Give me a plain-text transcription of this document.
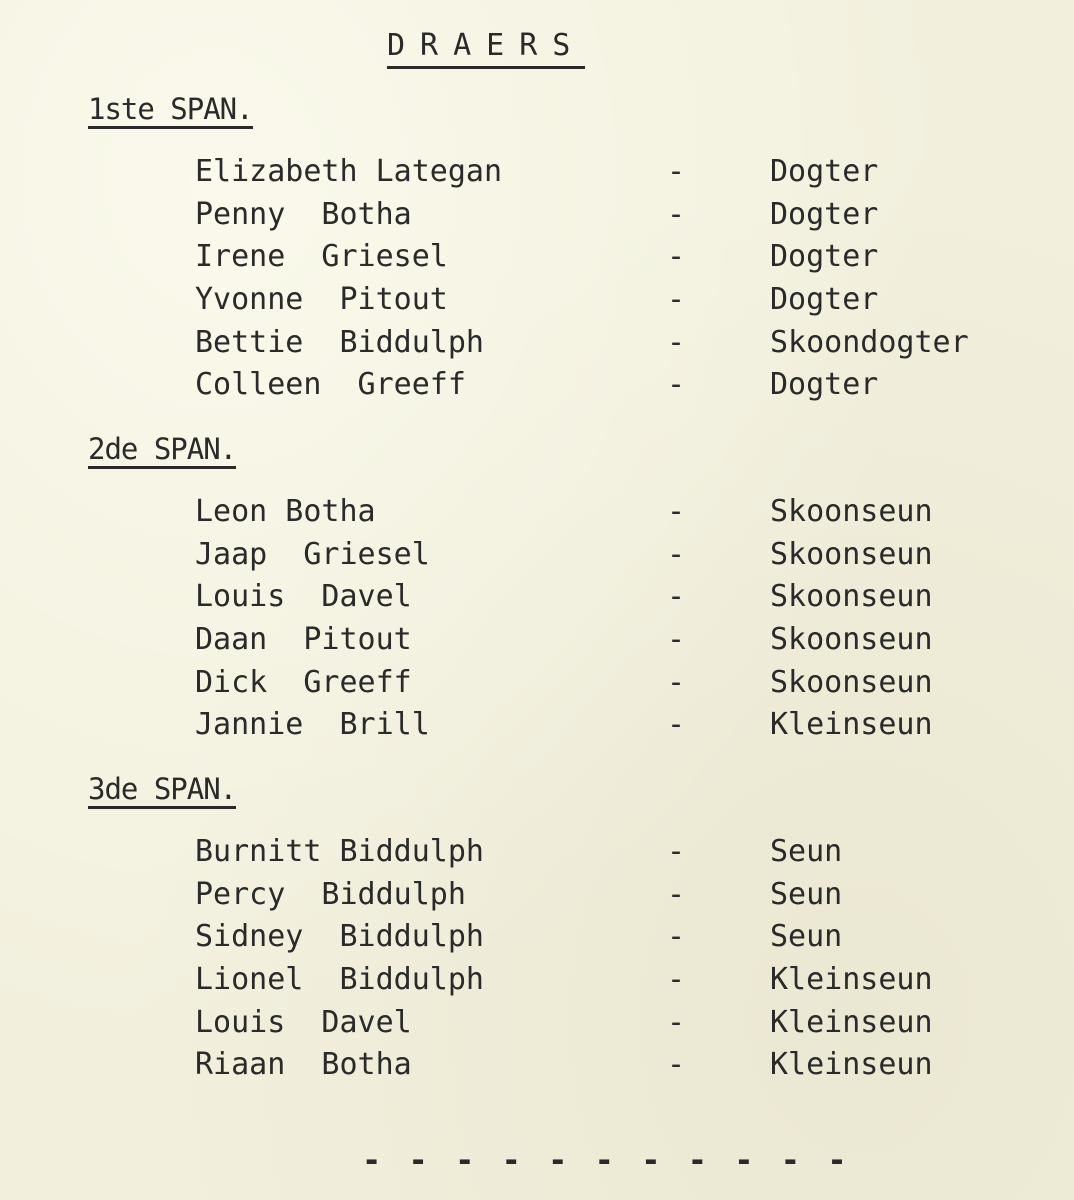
DRAERS
1ste SPAN.
Elizabeth Lategan	-	Dogter
Penny  Botha	-	Dogter
Irene  Griesel	-	Dogter
Yvonne  Pitout	-	Dogter
Bettie  Biddulph	-	Skoondogter
Colleen  Greeff	-	Dogter
2de SPAN.
Leon Botha	-	Skoonseun
Jaap  Griesel	-	Skoonseun
Louis  Davel	-	Skoonseun
Daan  Pitout	-	Skoonseun
Dick  Greeff	-	Skoonseun
Jannie  Brill	-	Kleinseun
3de SPAN.
Burnitt Biddulph	-	Seun
Percy  Biddulph	-	Seun
Sidney  Biddulph	-	Seun
Lionel  Biddulph	-	Kleinseun
Louis  Davel	-	Kleinseun
Riaan  Botha	-	Kleinseun
- - - - - - - - - - -
